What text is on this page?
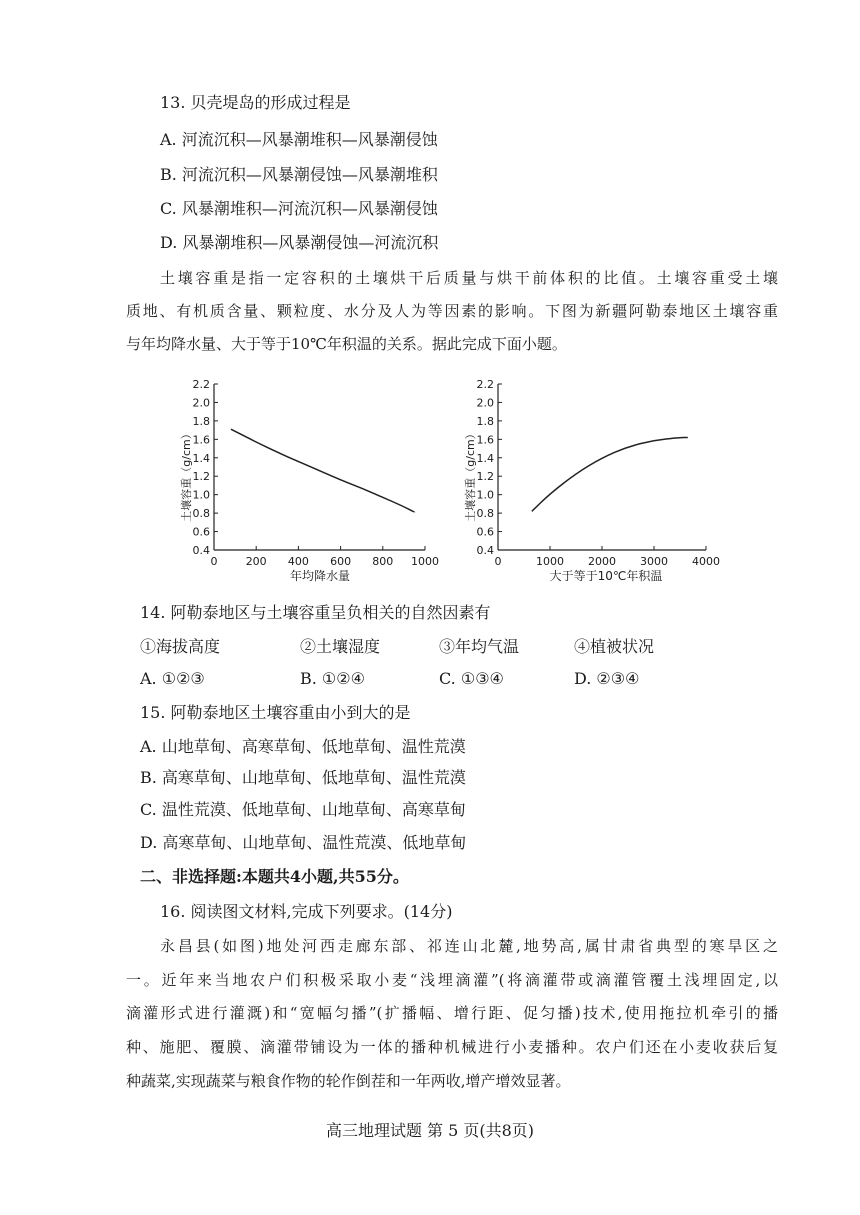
13. 贝壳堤岛的形成过程是
A. 河流沉积—风暴潮堆积—风暴潮侵蚀
B. 河流沉积—风暴潮侵蚀—风暴潮堆积
C. 风暴潮堆积—河流沉积—风暴潮侵蚀
D. 风暴潮堆积—风暴潮侵蚀—河流沉积
土壤容重是指一定容积的土壤烘干后质量与烘干前体积的比值。土壤容重受土壤
质地、有机质含量、颗粒度、水分及人为等因素的影响。下图为新疆阿勒泰地区土壤容重
与年均降水量、大于等于10℃年积温的关系。据此完成下面小题。
0.4
0.6
0.8
1.0
1.2
1.4
1.6
1.8
2.0
2.2
0	200 400 600 800 1000
土壤容重（g/cm）
年均降水量
0.4
0.6
0.8
1.0
1.2
1.4
1.6
1.8
2.0
2.2
0	1000 2000 3000 4000
土壤容重（g/cm）
大于等于10℃年积温
14. 阿勒泰地区与土壤容重呈负相关的自然因素有
①海拔高度	②土壤湿度	③年均气温	④植被状况
A. ①②③	B. ①②④	C. ①③④	D. ②③④
15. 阿勒泰地区土壤容重由小到大的是
A. 山地草甸、高寒草甸、低地草甸、温性荒漠
B. 高寒草甸、山地草甸、低地草甸、温性荒漠
C. 温性荒漠、低地草甸、山地草甸、高寒草甸
D. 高寒草甸、山地草甸、温性荒漠、低地草甸
二、非选择题:本题共4小题,共55分。
16. 阅读图文材料,完成下列要求。(14分)
永昌县(如图)地处河西走廊东部、祁连山北麓,地势高,属甘肃省典型的寒旱区之
一。近年来当地农户们积极采取小麦“浅埋滴灌”(将滴灌带或滴灌管覆土浅埋固定,以
滴灌形式进行灌溉)和“宽幅匀播”(扩播幅、增行距、促匀播)技术,使用拖拉机牵引的播
种、施肥、覆膜、滴灌带铺设为一体的播种机械进行小麦播种。农户们还在小麦收获后复
种蔬菜,实现蔬菜与粮食作物的轮作倒茬和一年两收,增产增效显著。
高三地理试题 第 5 页(共8页)
